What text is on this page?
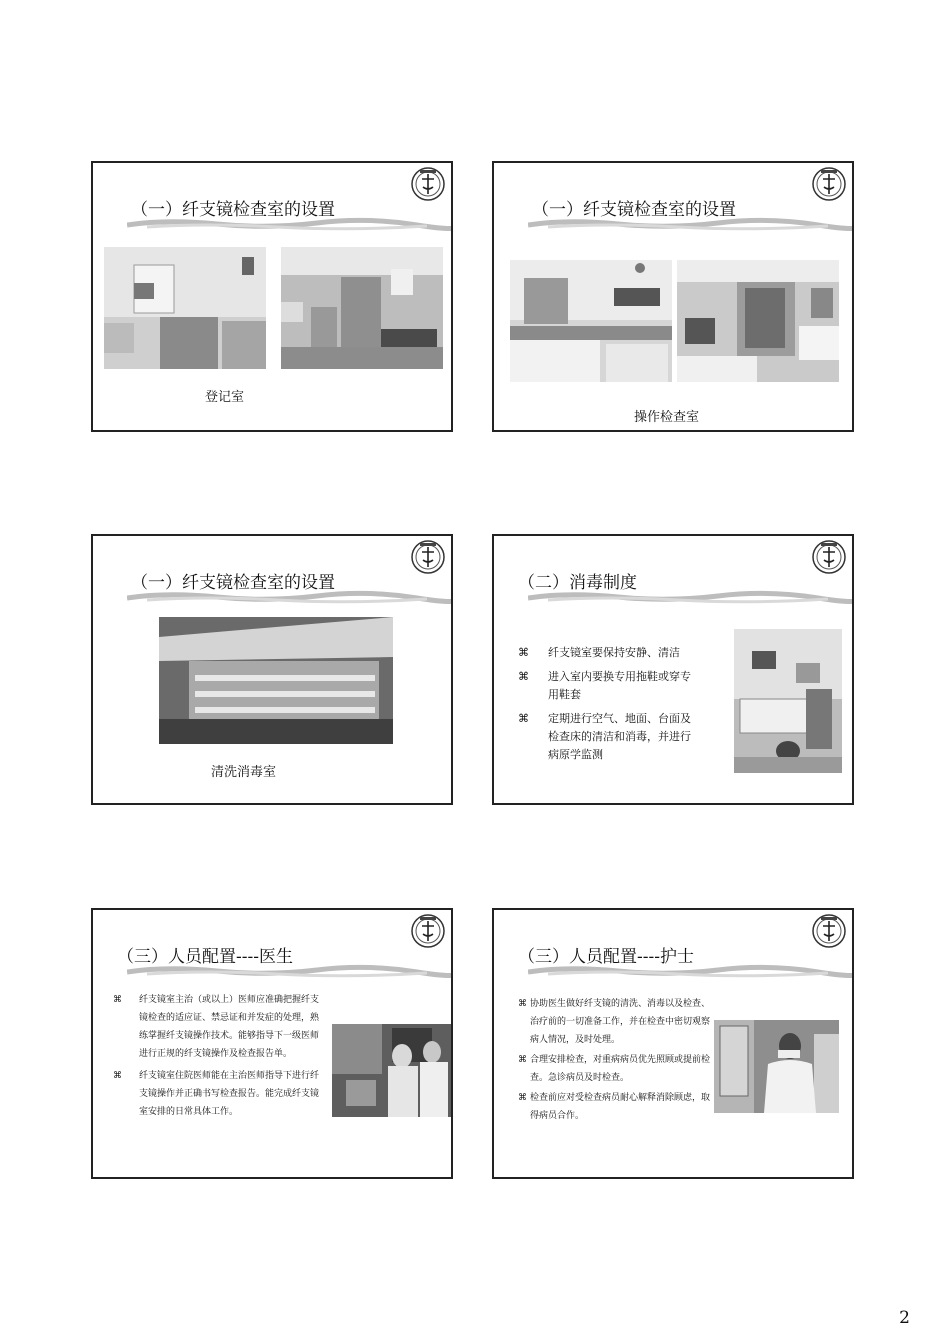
（一）纤支镜检查室的设置
登记室
（一）纤支镜检查室的设置
操作检查室
（一）纤支镜检查室的设置
清洗消毒室
（二）消毒制度
⌘ 纤支镜室要保持安静、清洁
⌘ 进入室内要换专用拖鞋或穿专用鞋套
⌘ 定期进行空气、地面、台面及检查床的清洁和消毒，并进行病原学监测
（三）人员配置----医生
⌘ 纤支镜室主治（或以上）医师应准确把握纤支镜检查的适应证、禁忌证和并发症的处理，熟练掌握纤支镜操作技术。能够指导下一级医师进行正规的纤支镜操作及检查报告单。
⌘ 纤支镜室住院医师能在主治医师指导下进行纤支镜操作并正确书写检查报告。能完成纤支镜室安排的日常具体工作。
（三）人员配置----护士
⌘ 协助医生做好纤支镜的清洗、消毒以及检查、治疗前的一切准备工作，并在检查中密切观察病人情况，及时处理。
⌘ 合理安排检查，对重病病员优先照顾或提前检查。急诊病员及时检查。
⌘ 检查前应对受检查病员耐心解释消除顾虑，取得病员合作。
2
